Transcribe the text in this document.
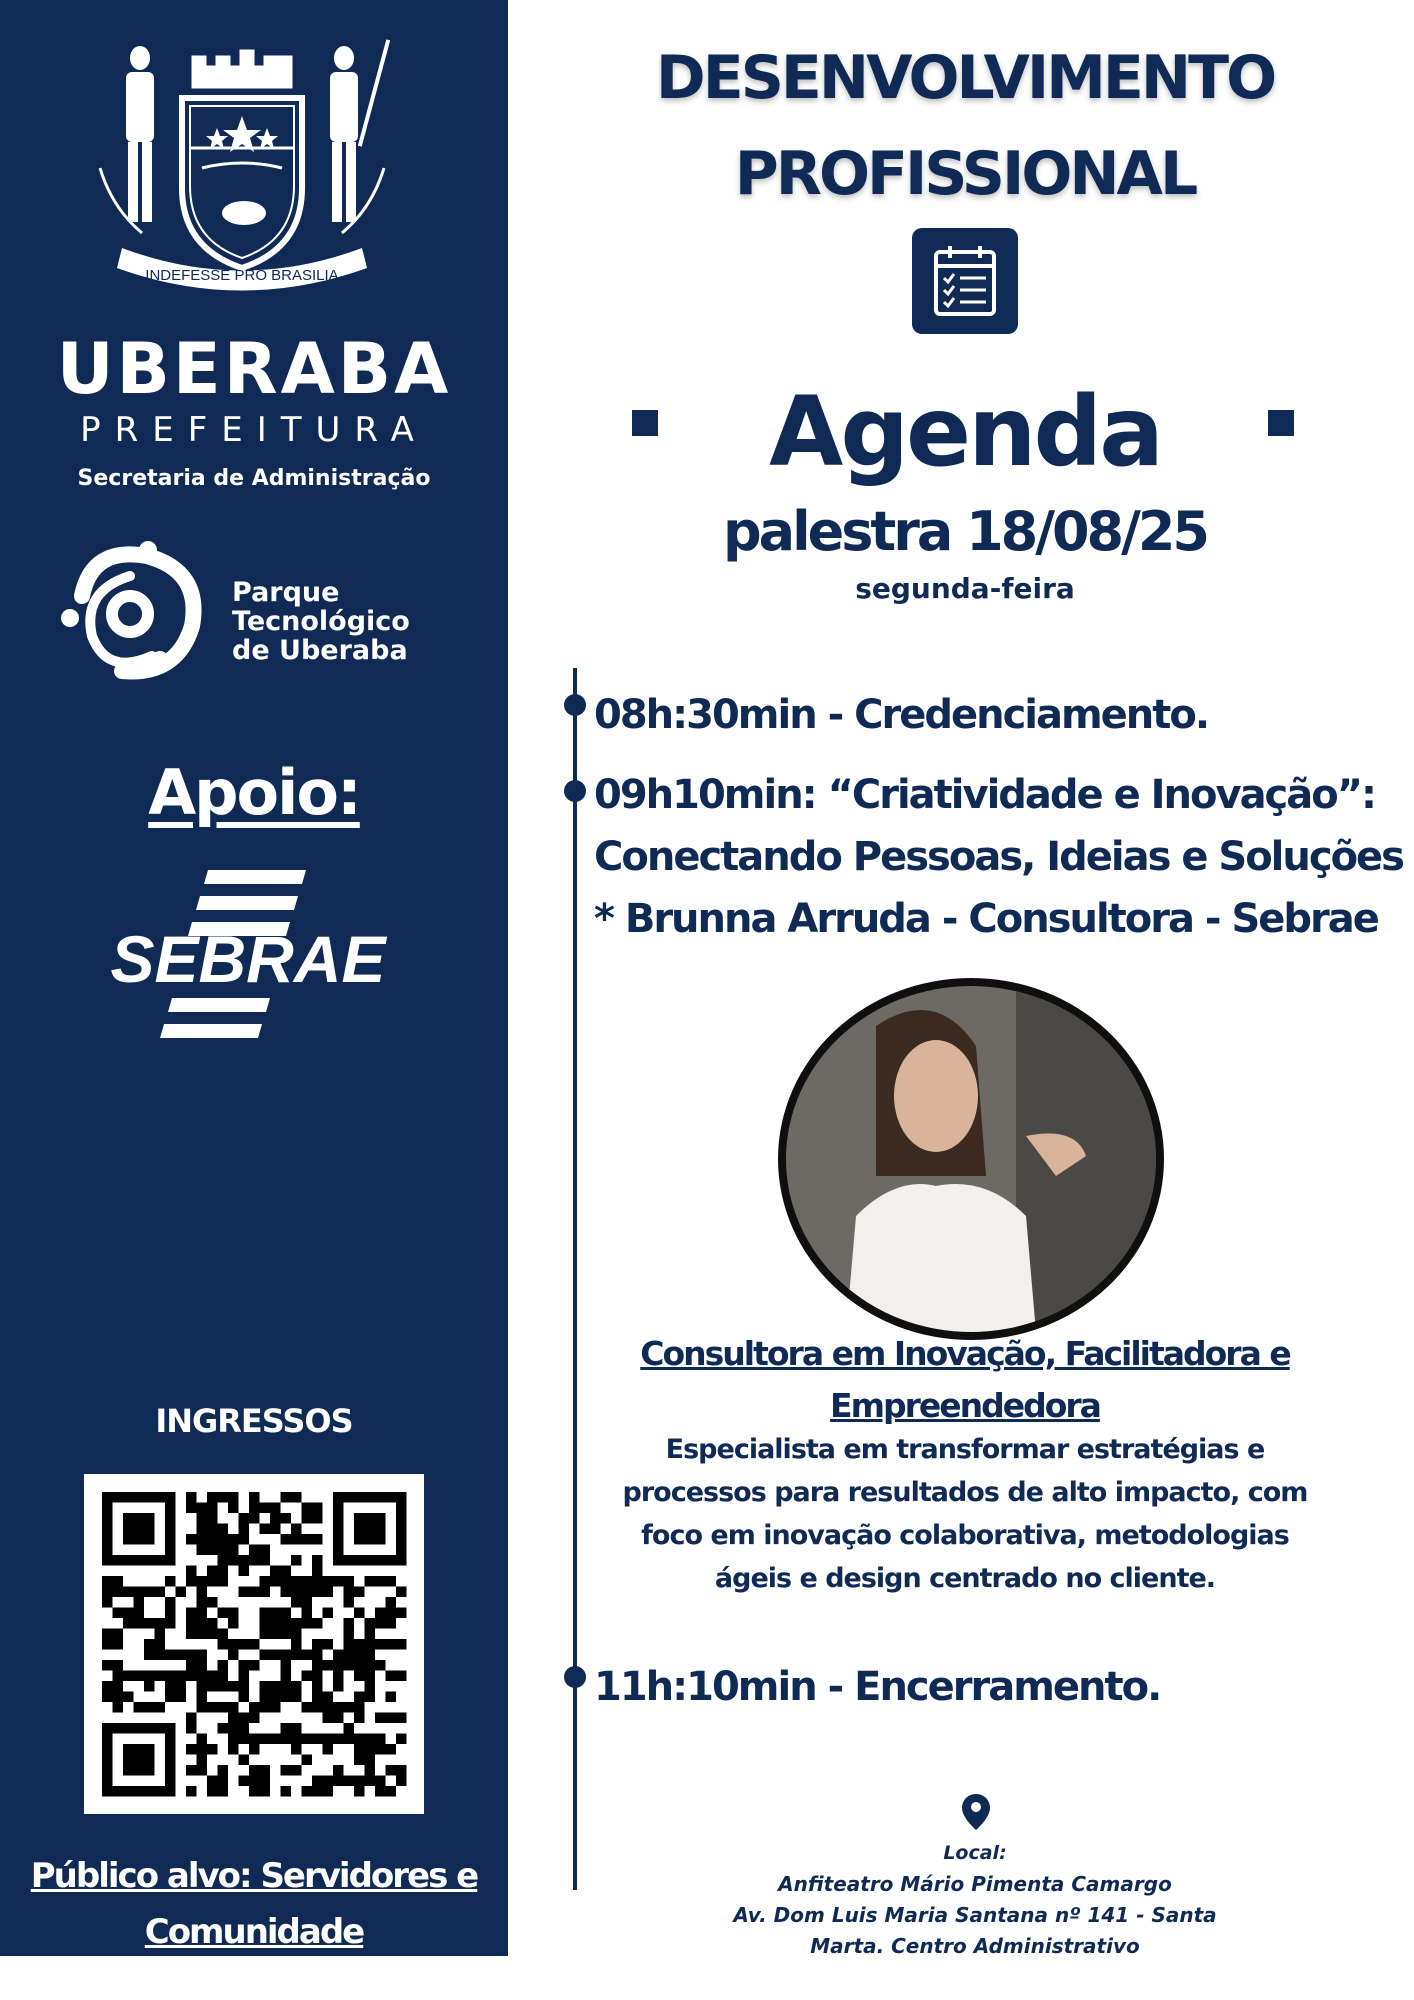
INDEFESSE PRO BRASILIA
UBERABA
PREFEITURA
Secretaria de Administração
Parque
Tecnológico
de Uberaba
Apoio:
SEBRAE
INGRESSOS
Público alvo: Servidores e
Comunidade
DESENVOLVIMENTO
PROFISSIONAL
Agenda
palestra 18/08/25
segunda-feira
08h:30min - Credenciamento.
09h10min: “Criatividade e Inovação”:
Conectando Pessoas, Ideias e Soluções
* Brunna Arruda - Consultora - Sebrae
Consultora em Inovação, Facilitadora e
Empreendedora
Especialista em transformar estratégias e
processos para resultados de alto impacto, com
foco em inovação colaborativa, metodologias
ágeis e design centrado no cliente.
11h:10min - Encerramento.
Local:
Anfiteatro Mário Pimenta Camargo
Av. Dom Luis Maria Santana nº 141 - Santa
Marta. Centro Administrativo
